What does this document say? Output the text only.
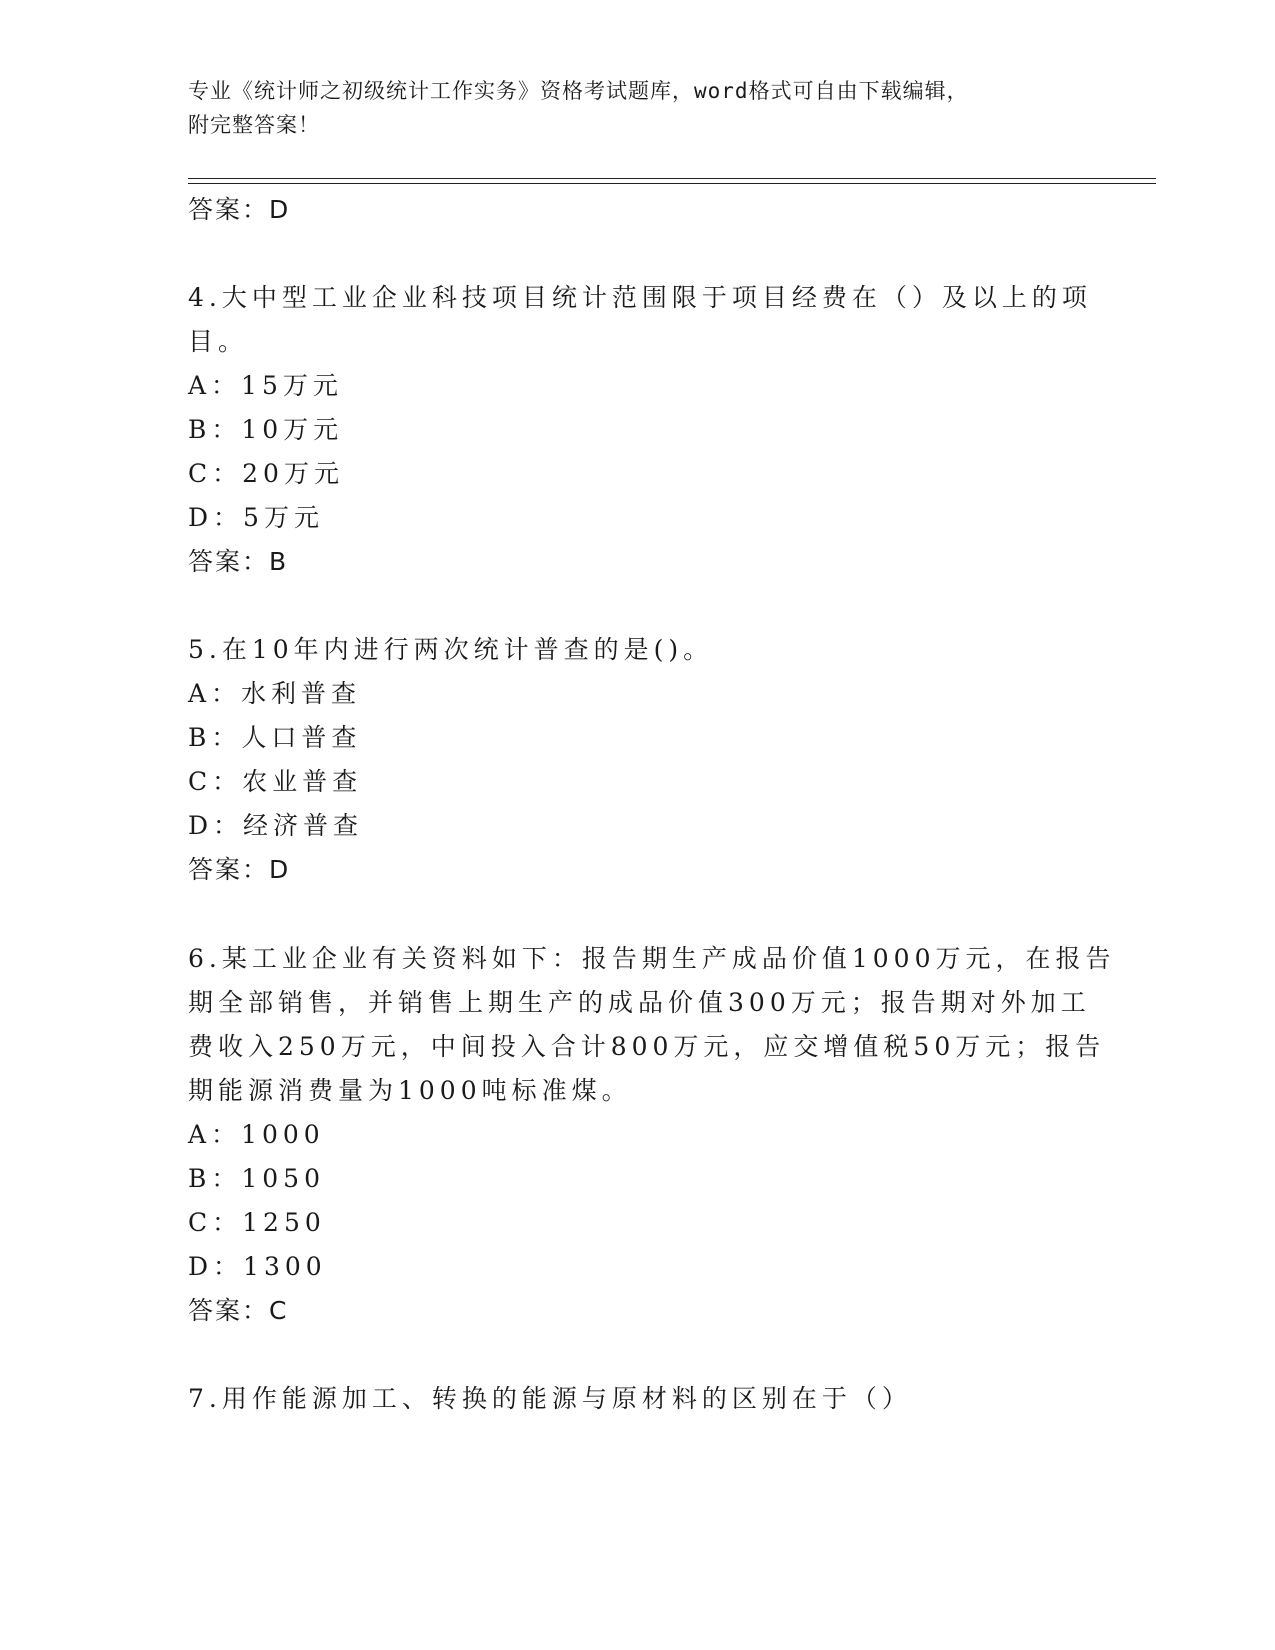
专业《统计师之初级统计工作实务》资格考试题库，word格式可自由下载编辑，
附完整答案！
答案：D
4.大中型工业企业科技项目统计范围限于项目经费在（）及以上的项
目。
A：15万元
B：10万元
C：20万元
D：5万元
答案：B
5.在10年内进行两次统计普查的是()。
A：水利普查
B：人口普查
C：农业普查
D：经济普查
答案：D
6.某工业企业有关资料如下：报告期生产成品价值1000万元，在报告
期全部销售，并销售上期生产的成品价值300万元；报告期对外加工
费收入250万元，中间投入合计800万元，应交增值税50万元；报告
期能源消费量为1000吨标准煤。
A：1000
B：1050
C：1250
D：1300
答案：C
7.用作能源加工、转换的能源与原材料的区别在于（）
